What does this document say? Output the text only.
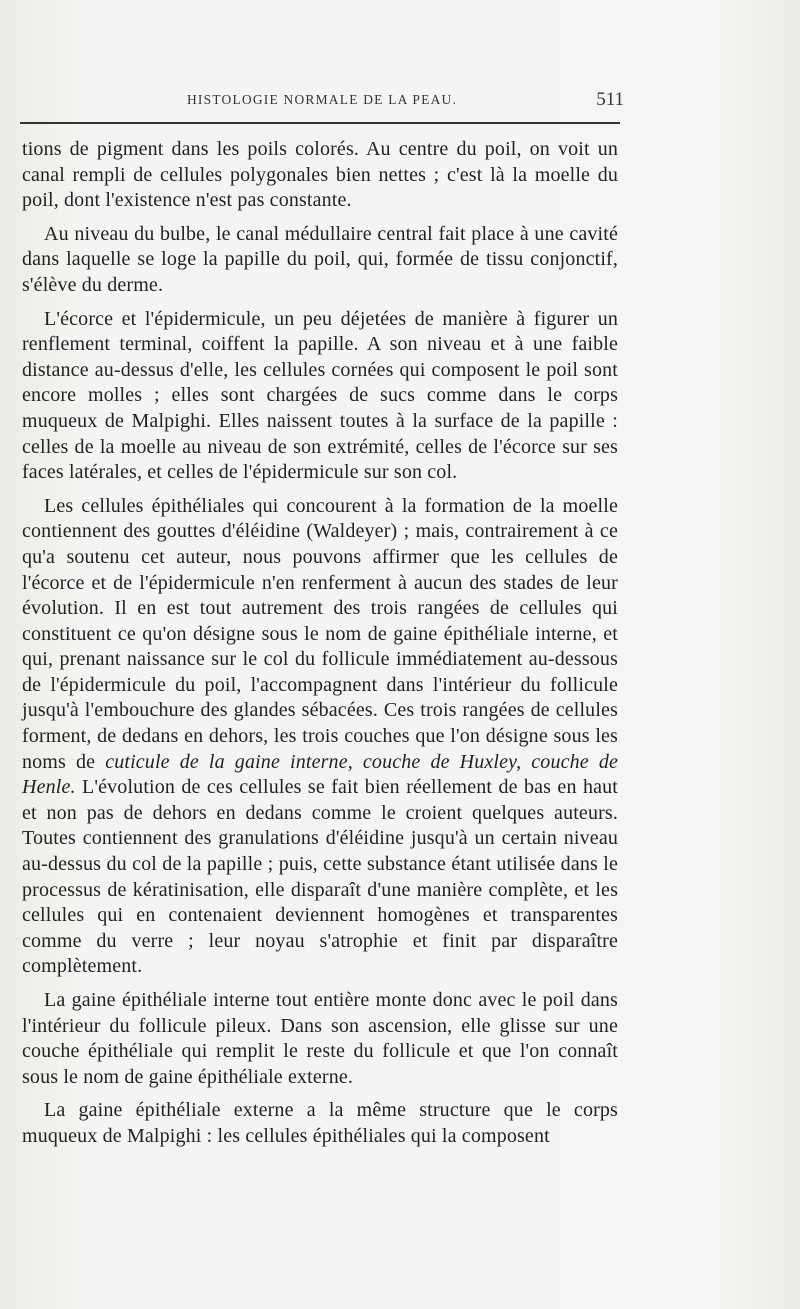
HISTOLOGIE NORMALE DE LA PEAU.	511

tions de pigment dans les poils colorés. Au centre du poil, on voit un canal rempli de cellules polygonales bien nettes ; c'est là la moelle du poil, dont l'existence n'est pas constante.

Au niveau du bulbe, le canal médullaire central fait place à une cavité dans laquelle se loge la papille du poil, qui, formée de tissu conjonctif, s'élève du derme.

L'écorce et l'épidermicule, un peu déjetées de manière à figurer un renflement terminal, coiffent la papille. A son niveau et à une faible distance au-dessus d'elle, les cellules cornées qui composent le poil sont encore molles ; elles sont chargées de sucs comme dans le corps muqueux de Malpighi. Elles naissent toutes à la surface de la papille : celles de la moelle au niveau de son extrémité, celles de l'écorce sur ses faces latérales, et celles de l'épidermicule sur son col.

Les cellules épithéliales qui concourent à la formation de la moelle contiennent des gouttes d'éléidine (Waldeyer) ; mais, contrairement à ce qu'a soutenu cet auteur, nous pouvons affirmer que les cellules de l'écorce et de l'épidermicule n'en renferment à aucun des stades de leur évolution. Il en est tout autrement des trois rangées de cellules qui constituent ce qu'on désigne sous le nom de gaine épithéliale interne, et qui, prenant naissance sur le col du follicule immédiatement au-dessous de l'épidermicule du poil, l'accompagnent dans l'intérieur du follicule jusqu'à l'embouchure des glandes sébacées. Ces trois rangées de cellules forment, de dedans en dehors, les trois couches que l'on désigne sous les noms de cuticule de la gaine interne, couche de Huxley, couche de Henle. L'évolution de ces cellules se fait bien réellement de bas en haut et non pas de dehors en dedans comme le croient quelques auteurs. Toutes contiennent des granulations d'éléidine jusqu'à un certain niveau au-dessus du col de la papille ; puis, cette substance étant utilisée dans le processus de kératinisation, elle disparaît d'une manière complète, et les cellules qui en contenaient deviennent homogènes et transparentes comme du verre ; leur noyau s'atrophie et finit par disparaître complètement.

La gaine épithéliale interne tout entière monte donc avec le poil dans l'intérieur du follicule pileux. Dans son ascension, elle glisse sur une couche épithéliale qui remplit le reste du follicule et que l'on connaît sous le nom de gaine épithéliale externe.

La gaine épithéliale externe a la même structure que le corps muqueux de Malpighi : les cellules épithéliales qui la composent
